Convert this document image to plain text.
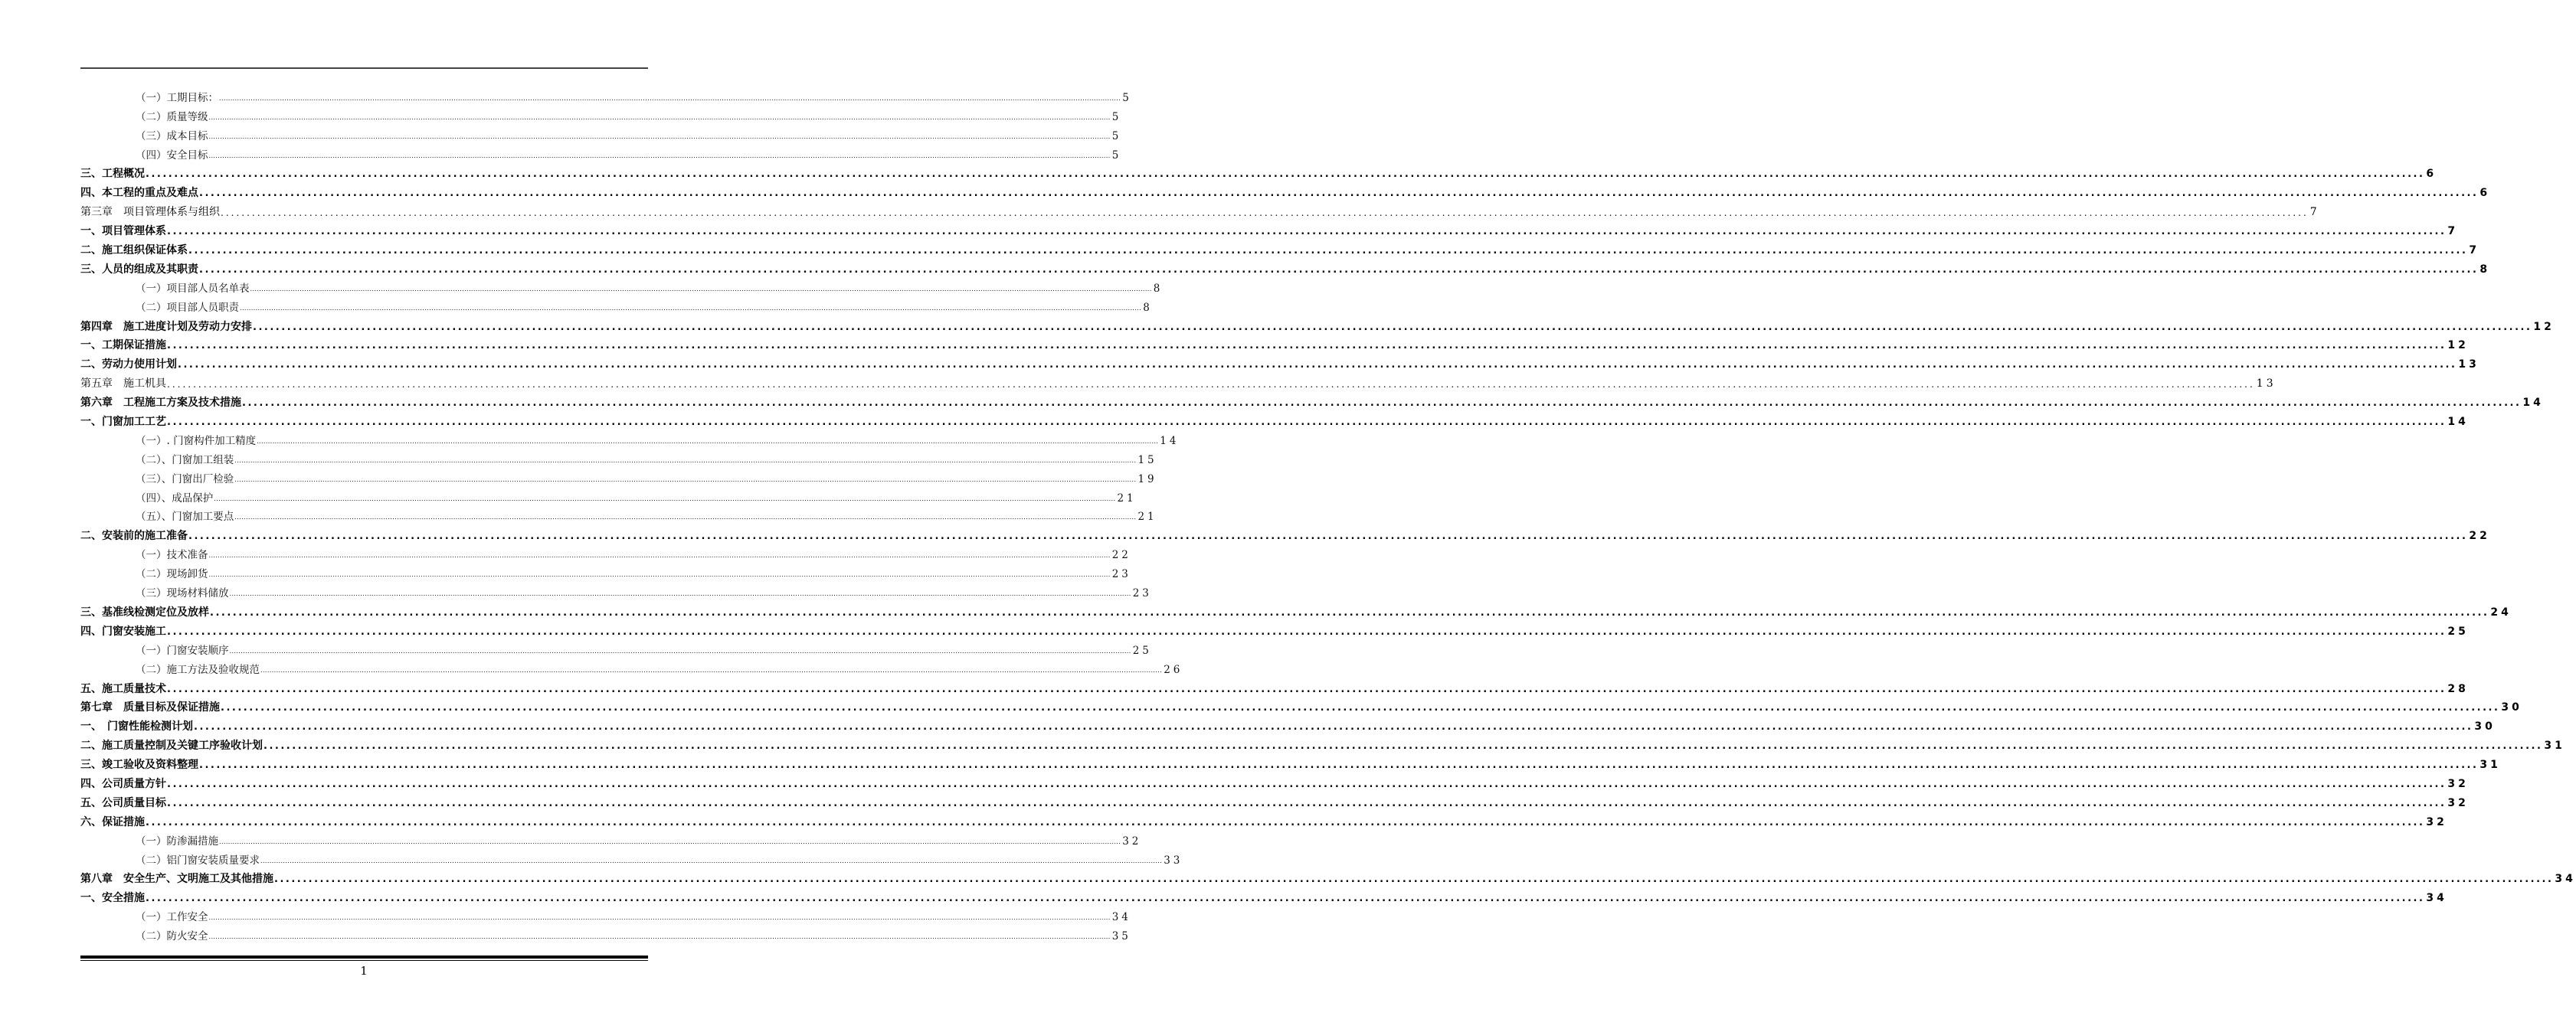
（一）工期目标： ................................................................................................................................................................................................................................................................................................................................................................................................................ 5
（二）质量等级 ................................................................................................................................................................................................................................................................................................................................................................................................................ 5
（三）成本目标 ................................................................................................................................................................................................................................................................................................................................................................................................................ 5
（四）安全目标 ................................................................................................................................................................................................................................................................................................................................................................................................................ 5
三、工程概况 ................................................................................................................................................................................................................................................................................................................................................................................................................ 6
四、本工程的重点及难点 ................................................................................................................................................................................................................................................................................................................................................................................................................ 6
第三章　项目管理体系与组织 ................................................................................................................................................................................................................................................................................................................................................................................................................ 7
一、项目管理体系 ................................................................................................................................................................................................................................................................................................................................................................................................................ 7
二、施工组织保证体系 ................................................................................................................................................................................................................................................................................................................................................................................................................ 7
三、人员的组成及其职责 ................................................................................................................................................................................................................................................................................................................................................................................................................ 8
（一）项目部人员名单表 ................................................................................................................................................................................................................................................................................................................................................................................................................ 8
（二）项目部人员职责 ................................................................................................................................................................................................................................................................................................................................................................................................................ 8
第四章　施工进度计划及劳动力安排 ................................................................................................................................................................................................................................................................................................................................................................................................................ 12
一、工期保证措施 ................................................................................................................................................................................................................................................................................................................................................................................................................ 12
二、劳动力使用计划 ................................................................................................................................................................................................................................................................................................................................................................................................................ 13
第五章　施工机具 ................................................................................................................................................................................................................................................................................................................................................................................................................ 13
第六章　工程施工方案及技术措施 ................................................................................................................................................................................................................................................................................................................................................................................................................ 14
一、门窗加工工艺 ................................................................................................................................................................................................................................................................................................................................................................................................................ 14
（一）. 门窗构件加工精度 ................................................................................................................................................................................................................................................................................................................................................................................................................ 14
（二）、门窗加工组装 ................................................................................................................................................................................................................................................................................................................................................................................................................ 15
（三）、门窗出厂检验 ................................................................................................................................................................................................................................................................................................................................................................................................................ 19
（四）、成品保护 ................................................................................................................................................................................................................................................................................................................................................................................................................ 21
（五）、门窗加工要点 ................................................................................................................................................................................................................................................................................................................................................................................................................ 21
二、安装前的施工准备 ................................................................................................................................................................................................................................................................................................................................................................................................................ 22
（一）技术准备 ................................................................................................................................................................................................................................................................................................................................................................................................................ 22
（二）现场卸货 ................................................................................................................................................................................................................................................................................................................................................................................................................ 23
（三）现场材料储放 ................................................................................................................................................................................................................................................................................................................................................................................................................ 23
三、基准线检测定位及放样 ................................................................................................................................................................................................................................................................................................................................................................................................................ 24
四、门窗安装施工 ................................................................................................................................................................................................................................................................................................................................................................................................................ 25
（一）门窗安装顺序 ................................................................................................................................................................................................................................................................................................................................................................................................................ 25
（二）施工方法及验收规范 ................................................................................................................................................................................................................................................................................................................................................................................................................ 26
五、施工质量技术 ................................................................................................................................................................................................................................................................................................................................................................................................................ 28
第七章　质量目标及保证措施 ................................................................................................................................................................................................................................................................................................................................................................................................................ 30
一、　门窗性能检测计划 ................................................................................................................................................................................................................................................................................................................................................................................................................ 30
二、施工质量控制及关键工序验收计划 ................................................................................................................................................................................................................................................................................................................................................................................................................ 31
三、竣工验收及资料整理 ................................................................................................................................................................................................................................................................................................................................................................................................................ 31
四、公司质量方针 ................................................................................................................................................................................................................................................................................................................................................................................................................ 32
五、公司质量目标 ................................................................................................................................................................................................................................................................................................................................................................................................................ 32
六、保证措施 ................................................................................................................................................................................................................................................................................................................................................................................................................ 32
（一）防渗漏措施 ................................................................................................................................................................................................................................................................................................................................................................................................................ 32
（二）铝门窗安装质量要求 ................................................................................................................................................................................................................................................................................................................................................................................................................ 33
第八章　安全生产、文明施工及其他措施 ................................................................................................................................................................................................................................................................................................................................................................................................................ 34
一、安全措施 ................................................................................................................................................................................................................................................................................................................................................................................................................ 34
（一）工作安全 ................................................................................................................................................................................................................................................................................................................................................................................................................ 34
（二）防火安全 ................................................................................................................................................................................................................................................................................................................................................................................................................ 35
1
